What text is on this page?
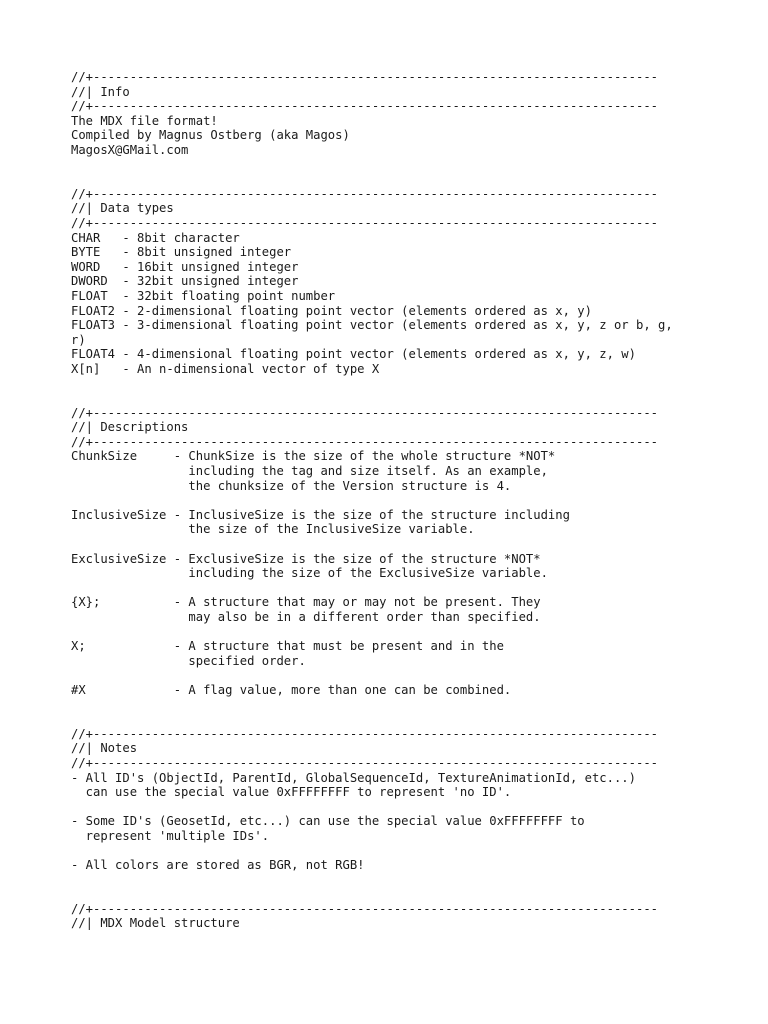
//+-----------------------------------------------------------------------------
//| Info
//+-----------------------------------------------------------------------------
The MDX file format!
Compiled by Magnus Ostberg (aka Magos)
MagosX@GMail.com
//+-----------------------------------------------------------------------------
//| Data types
//+-----------------------------------------------------------------------------
CHAR   - 8bit character
BYTE   - 8bit unsigned integer
WORD   - 16bit unsigned integer
DWORD  - 32bit unsigned integer
FLOAT  - 32bit floating point number
FLOAT2 - 2-dimensional floating point vector (elements ordered as x, y)
FLOAT3 - 3-dimensional floating point vector (elements ordered as x, y, z or b, g,
r)
FLOAT4 - 4-dimensional floating point vector (elements ordered as x, y, z, w)
X[n]   - An n-dimensional vector of type X
//+-----------------------------------------------------------------------------
//| Descriptions
//+-----------------------------------------------------------------------------
ChunkSize     - ChunkSize is the size of the whole structure *NOT*
including the tag and size itself. As an example,
the chunksize of the Version structure is 4.
InclusiveSize - InclusiveSize is the size of the structure including
the size of the InclusiveSize variable.
ExclusiveSize - ExclusiveSize is the size of the structure *NOT*
including the size of the ExclusiveSize variable.
{X};          - A structure that may or may not be present. They
may also be in a different order than specified.
X;            - A structure that must be present and in the
specified order.
#X            - A flag value, more than one can be combined.
//+-----------------------------------------------------------------------------
//| Notes
//+-----------------------------------------------------------------------------
- All ID's (ObjectId, ParentId, GlobalSequenceId, TextureAnimationId, etc...)
can use the special value 0xFFFFFFFF to represent 'no ID'.
- Some ID's (GeosetId, etc...) can use the special value 0xFFFFFFFF to
represent 'multiple IDs'.
- All colors are stored as BGR, not RGB!
//+-----------------------------------------------------------------------------
//| MDX Model structure
